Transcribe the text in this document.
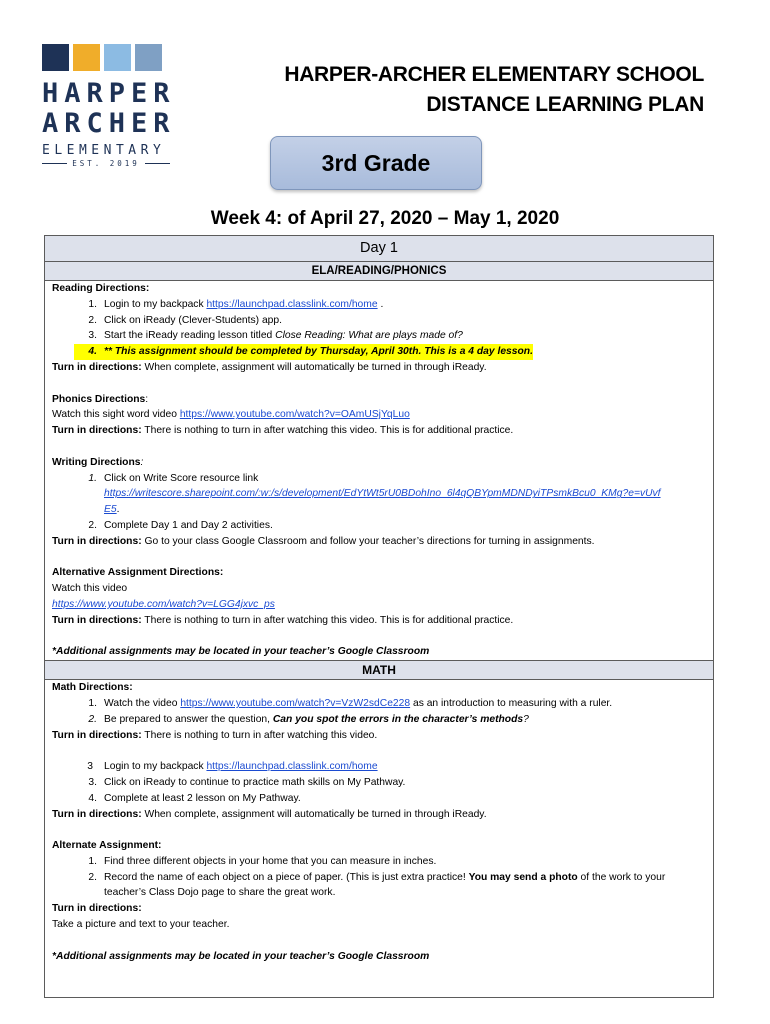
HARPER

ARCHER

ELEMENTARY
EST. 2019
HARPER-ARCHER ELEMENTARY SCHOOL
DISTANCE LEARNING PLAN
3rd Grade
Week 4: of April 27, 2020 – May 1, 2020
Day 1
ELA/READING/PHONICS

Reading Directions:

1. Login to my backpack https://launchpad.classlink.com/home .
2. Click on iReady (Clever-Students) app.
3. Start the iReady reading lesson titled Close Reading: What are plays made of?
4. ** This assignment should be completed by Thursday, April 30th. This is a 4 day lesson.

Turn in directions: When complete, assignment will automatically be turned in through iReady.

Phonics Directions:

Watch this sight word video https://www.youtube.com/watch?v=OAmUSjYqLuo

Turn in directions: There is nothing to turn in after watching this video. This is for additional practice.

Writing Directions:

1. Click on Write Score resource link
https://writescore.sharepoint.com/:w:/s/development/EdYtWt5rU0BDohIno_6l4qQBYpmMDNDyiTPsmkBcu0_KMg?e=vUvfE5.
2. Complete Day 1 and Day 2 activities.

Turn in directions: Go to your class Google Classroom and follow your teacher’s directions for turning in assignments.

Alternative Assignment Directions:

Watch this video

https://www.youtube.com/watch?v=LGG4jxvc_ps

Turn in directions: There is nothing to turn in after watching this video. This is for additional practice.

*Additional assignments may be located in your teacher’s Google Classroom

MATH

Math Directions:

1. Watch the video https://www.youtube.com/watch?v=VzW2sdCe228 as an introduction to measuring with a ruler.
2. Be prepared to answer the question, Can you spot the errors in the character’s methods?

Turn in directions: There is nothing to turn in after watching this video.

3	Login to my backpack https://launchpad.classlink.com/home
3. Click on iReady to continue to practice math skills on My Pathway.
4. Complete at least 2 lesson on My Pathway.

Turn in directions: When complete, assignment will automatically be turned in through iReady.

Alternate Assignment:

1. Find three different objects in your home that you can measure in inches.
2. Record the name of each object on a piece of paper. (This is just extra practice! You may send a photo of the work to your teacher’s Class Dojo page to share the great work.

Turn in directions:

Take a picture and text to your teacher.

*Additional assignments may be located in your teacher’s Google Classroom
